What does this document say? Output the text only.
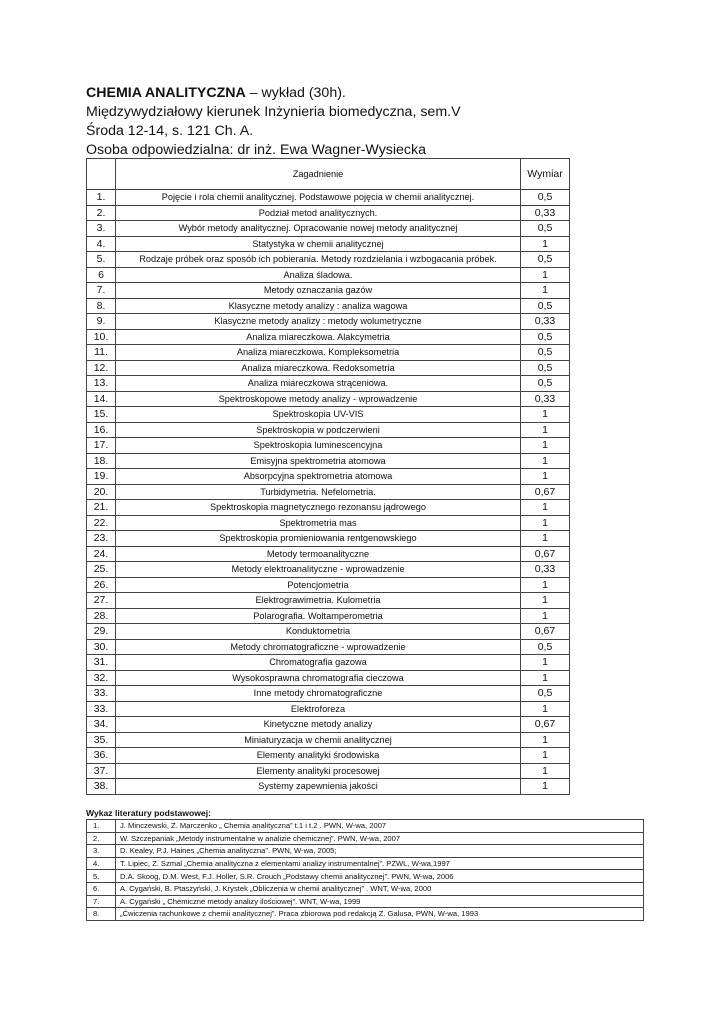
CHEMIA ANALITYCZNA – wykład (30h).
Międzywydziałowy kierunek Inżynieria biomedyczna, sem.V
Środa 12-14, s. 121 Ch. A.
Osoba odpowiedzialna: dr inż. Ewa Wagner-Wysiecka
	Zagadnienie	Wymiar
1.	Pojęcie i rola chemii analitycznej. Podstawowe pojęcia w chemii analitycznej.	0,5
2.	Podział metod analitycznych.	0,33
3.	Wybór metody analitycznej. Opracowanie nowej metody analitycznej	0,5
4.	Statystyka w chemii analitycznej	1
5.	Rodzaje próbek oraz sposób ich pobierania. Metody rozdzielania i wzbogacania próbek.	0,5
6	Analiza śladowa.	1
7.	Metody oznaczania gazów	1
8.	Klasyczne metody analizy : analiza wagowa	0,5
9.	Klasyczne metody analizy : metody wolumetryczne	0,33
10.	Analiza miareczkowa. Alakcymetria	0,5
11.	Analiza miareczkowa. Kompleksometria	0,5
12.	Analiza miareczkowa. Redoksometria	0,5
13.	Analiza miareczkowa strąceniowa.	0,5
14.	Spektroskopowe metody analizy - wprowadzenie	0,33
15.	Spektroskopia UV-VIS	1
16.	Spektroskopia w podczerwieni	1
17.	Spektroskopia luminescencyjna	1
18.	Emisyjna spektrometria atomowa	1
19.	Absorpcyjna spektrometria atomowa	1
20.	Turbidymetria. Nefelometria.	0,67
21.	Spektroskopia magnetycznego rezonansu jądrowego	1
22.	Spektrometria mas	1
23.	Spektroskopia promieniowania rentgenowskiego	1
24.	Metody termoanalityczne	0,67
25.	Metody elektroanalityczne - wprowadzenie	0,33
26.	Potencjometria	1
27.	Elektrograwimetria. Kulometria	1
28.	Polarografia. Woltamperometria	1
29.	Konduktometria	0,67
30.	Metody chromatograficzne - wprowadzenie	0,5
31.	Chromatografia gazowa	1
32.	Wysokosprawna chromatografia cieczowa	1
33.	Inne metody chromatograficzne	0,5
33.	Elektroforeza	1
34.	Kinetyczne metody analizy	0,67
35.	Miniaturyzacja w chemii analitycznej	1
36.	Elementy analityki środowiska	1
37.	Elementy analityki procesowej	1
38.	Systemy zapewnienia jakości	1
Wykaz literatury podstawowej:
1.	J. Minczewski, Z. Marczenko „ Chemia analityczna” t.1 i t.2 . PWN, W-wa, 2007
2.	W. Szczepaniak „Metody instrumentalne w analizie chemicznej”. PWN, W-wa, 2007
3.	D. Kealey, P.J. Haines „Chemia analityczna”. PWN, W-wa, 2005;
4.	T. Lipiec, Z. Szmal „Chemia analityczna z elementami analizy instrumentalnej”. PZWL, W-wa,1997
5.	D.A. Skoog, D.M. West, F.J. Holler, S.R. Crouch „Podstawy chemii analitycznej”. PWN, W-wa, 2006
6.	A. Cygański, B. Ptaszyński, J. Krystek „Obliczenia w chemii analitycznej” . WNT, W-wa, 2000
7.	A. Cygański „ Chemiczne metody analizy ilościowej”. WNT, W-wa, 1999
8.	„Ćwiczenia rachunkowe z chemii analitycznej”. Praca zbiorowa pod redakcją Z. Galusa, PWN, W-wa, 1993
